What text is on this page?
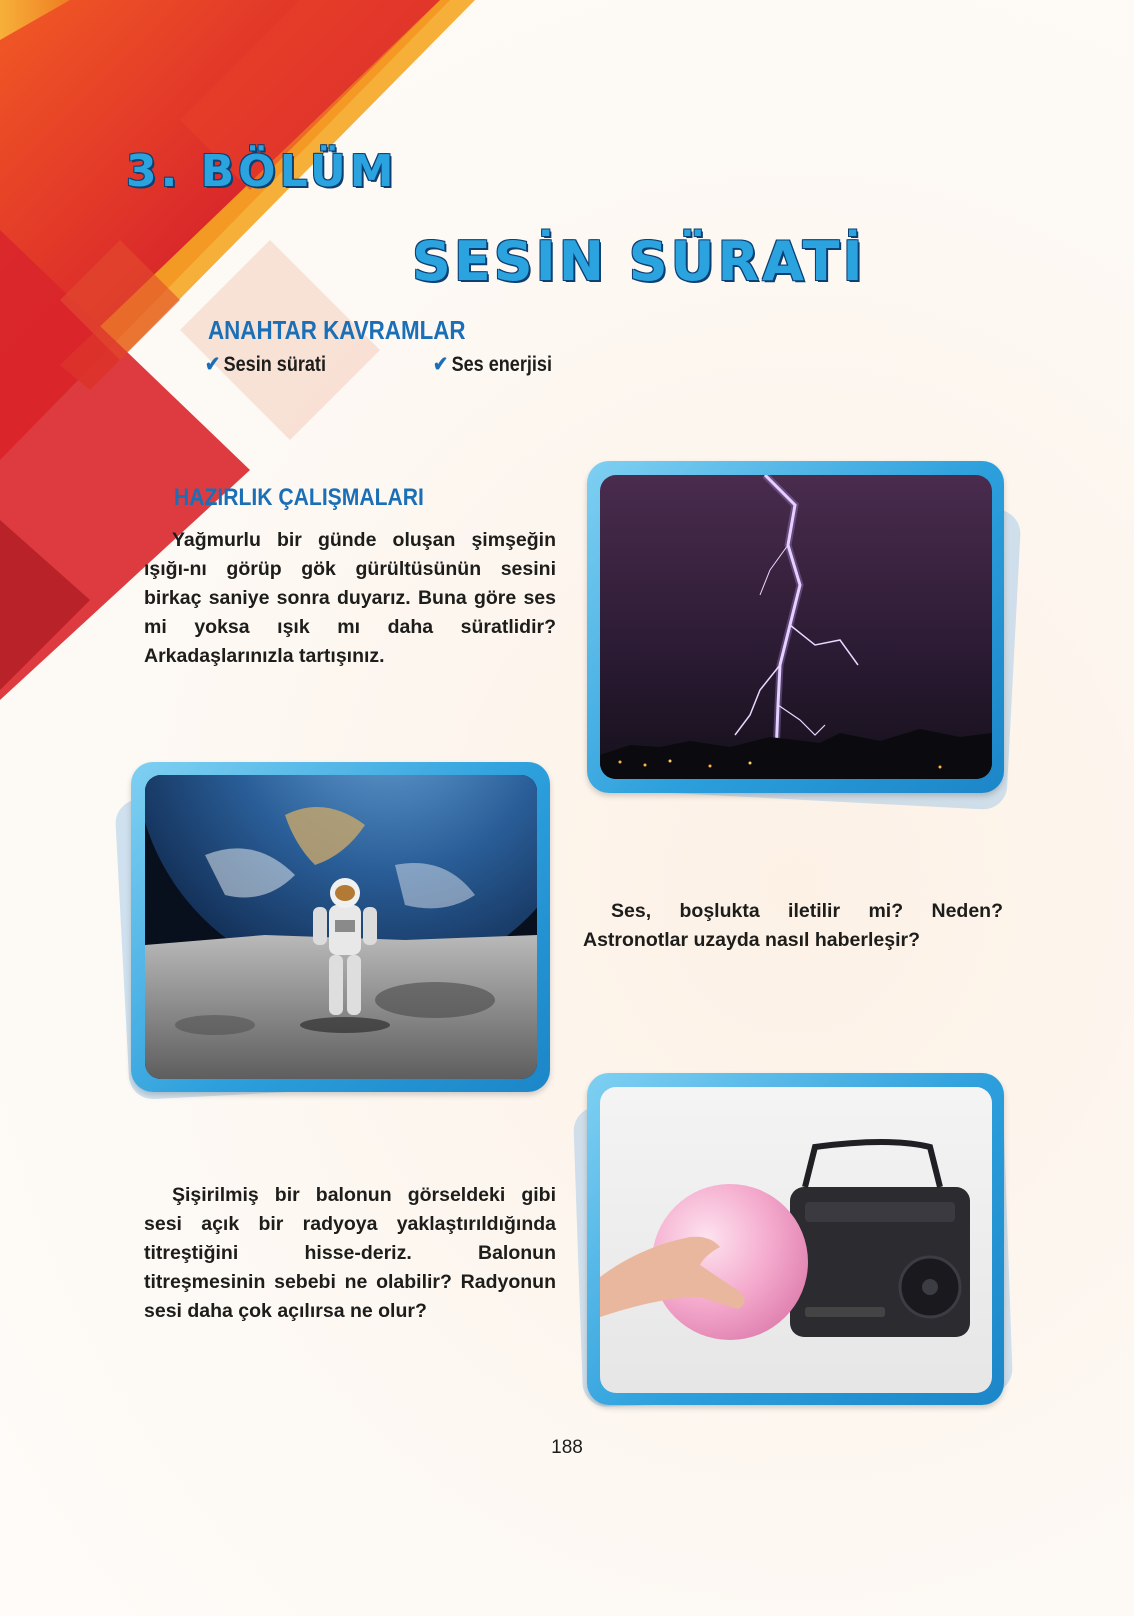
3. BÖLÜM
SESİN SÜRATİ
ANAHTAR KAVRAMLAR
✔ Sesin sürati	✔ Ses enerjisi
HAZIRLIK ÇALIŞMALARI
Yağmurlu bir günde oluşan şimşeğin ışığı-nı görüp gök gürültüsünün sesini birkaç saniye sonra duyarız. Buna göre ses mi yoksa ışık mı daha süratlidir? Arkadaşlarınızla tartışınız.
Ses, boşlukta iletilir mi? Neden? Astronotlar uzayda nasıl haberleşir?
Şişirilmiş bir balonun görseldeki gibi sesi açık bir radyoya yaklaştırıldığında titreştiğini hisse-deriz. Balonun titreşmesinin sebebi ne olabilir? Radyonun sesi daha çok açılırsa ne olur?
188
